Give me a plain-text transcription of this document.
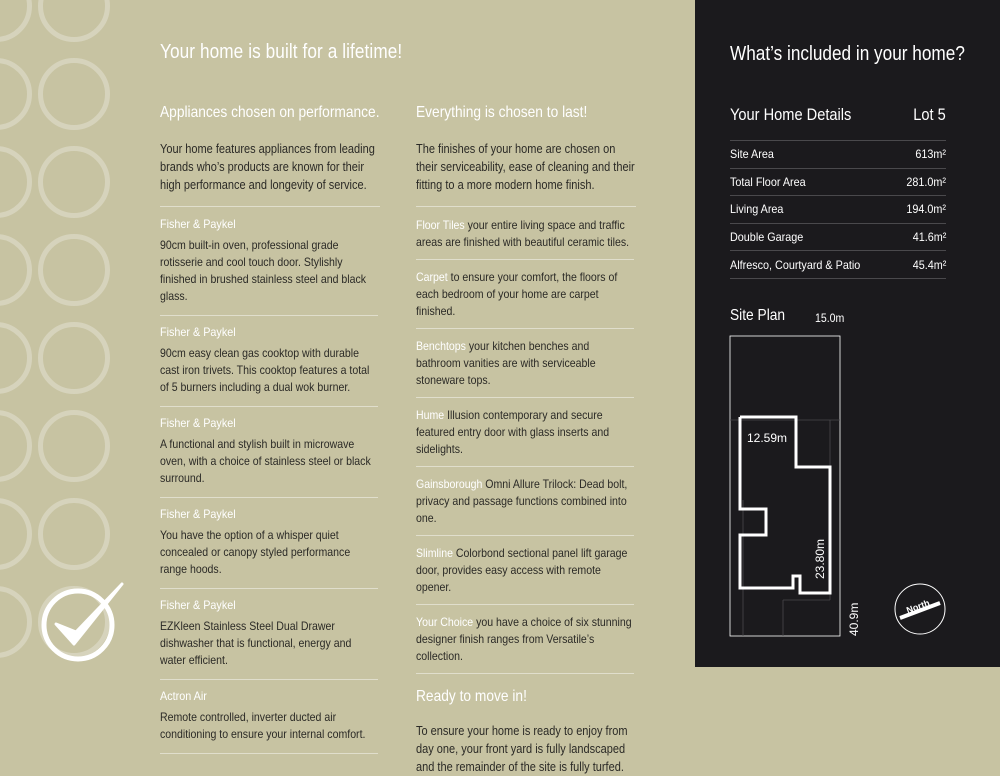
Your home is built for a lifetime!
Appliances chosen on performance.
Your home features appliances from leading brands who’s products are known for their high performance and longevity of service.
Fisher & Paykel
90cm built-in oven, professional grade rotisserie and cool touch door. Stylishly finished in brushed stainless steel and black glass.
Fisher & Paykel
90cm easy clean gas cooktop with durable cast iron trivets. This cooktop features a total of 5 burners including a dual wok burner.
Fisher & Paykel
A functional and stylish built in microwave oven, with a choice of stainless steel or black surround.
Fisher & Paykel
You have the option of a whisper quiet concealed or canopy styled performance range hoods.
Fisher & Paykel
EZKleen Stainless Steel Dual Drawer dishwasher that is functional, energy and water efficient.
Actron Air
Remote controlled, inverter ducted air conditioning to ensure your internal comfort.
Everything is chosen to last!
The finishes of your home are chosen on their serviceability, ease of cleaning and their fitting to a more modern home finish.
Floor Tiles your entire living space and traffic areas are finished with beautiful ceramic tiles.
Carpet to ensure your comfort, the floors of each bedroom of your home are carpet finished.
Benchtops your kitchen benches and bathroom vanities are with serviceable stoneware tops.
Hume Illusion contemporary and secure featured entry door with glass inserts and sidelights.
Gainsborough Omni Allure Trilock: Dead bolt, privacy and passage functions combined into one.
Slimline Colorbond sectional panel lift garage door, provides easy access with remote opener.
Your Choice you have a choice of six stunning designer finish ranges from Versatile’s collection.
Ready to move in!
To ensure your home is ready to enjoy from day one, your front yard is fully landscaped and the remainder of the site is fully turfed.
What’s included in your home?
Your Home Details	Lot 5
Site Area	613m²
Total Floor Area	281.0m²
Living Area	194.0m²
Double Garage	41.6m²
Alfresco, Courtyard & Patio	45.4m²
Site Plan 15.0m
12.59m
23.80m
40.9m	North
